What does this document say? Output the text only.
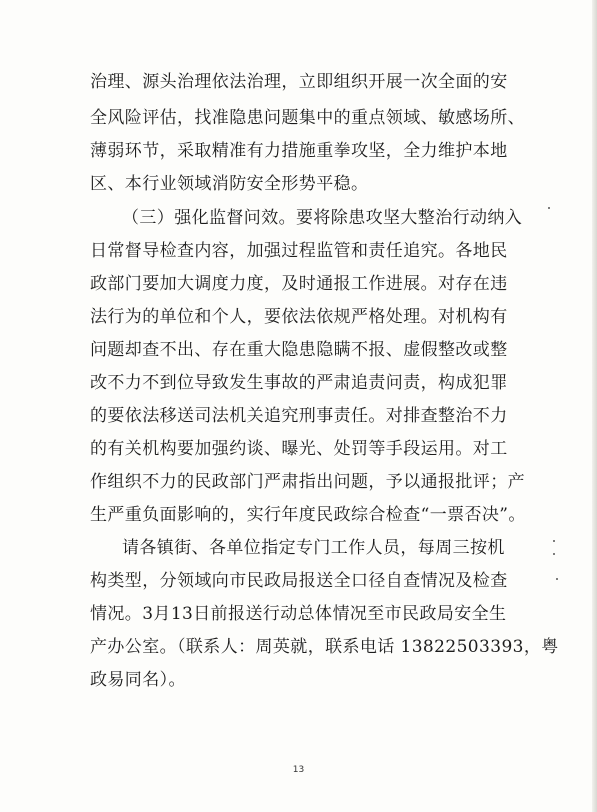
治理、源头治理依法治理，立即组织开展一次全面的安
全风险评估，找准隐患问题集中的重点领域、敏感场所、
薄弱环节，采取精准有力措施重拳攻坚，全力维护本地
区、本行业领域消防安全形势平稳。
（三）强化监督问效。要将除患攻坚大整治行动纳入
日常督导检查内容，加强过程监管和责任追究。各地民
政部门要加大调度力度，及时通报工作进展。对存在违
法行为的单位和个人，要依法依规严格处理。对机构有
问题却查不出、存在重大隐患隐瞒不报、虚假整改或整
改不力不到位导致发生事故的严肃追责问责，构成犯罪
的要依法移送司法机关追究刑事责任。对排查整治不力
的有关机构要加强约谈、曝光、处罚等手段运用。对工
作组织不力的民政部门严肃指出问题，予以通报批评；产
生严重负面影响的，实行年度民政综合检查“一票否决”。
请各镇街、各单位指定专门工作人员，每周三按机
构类型，分领域向市民政局报送全口径自查情况及检查
情况。3月13日前报送行动总体情况至市民政局安全生
产办公室。（联系人：周英就，联系电话 13822503393，粤
政易同名）。
13
